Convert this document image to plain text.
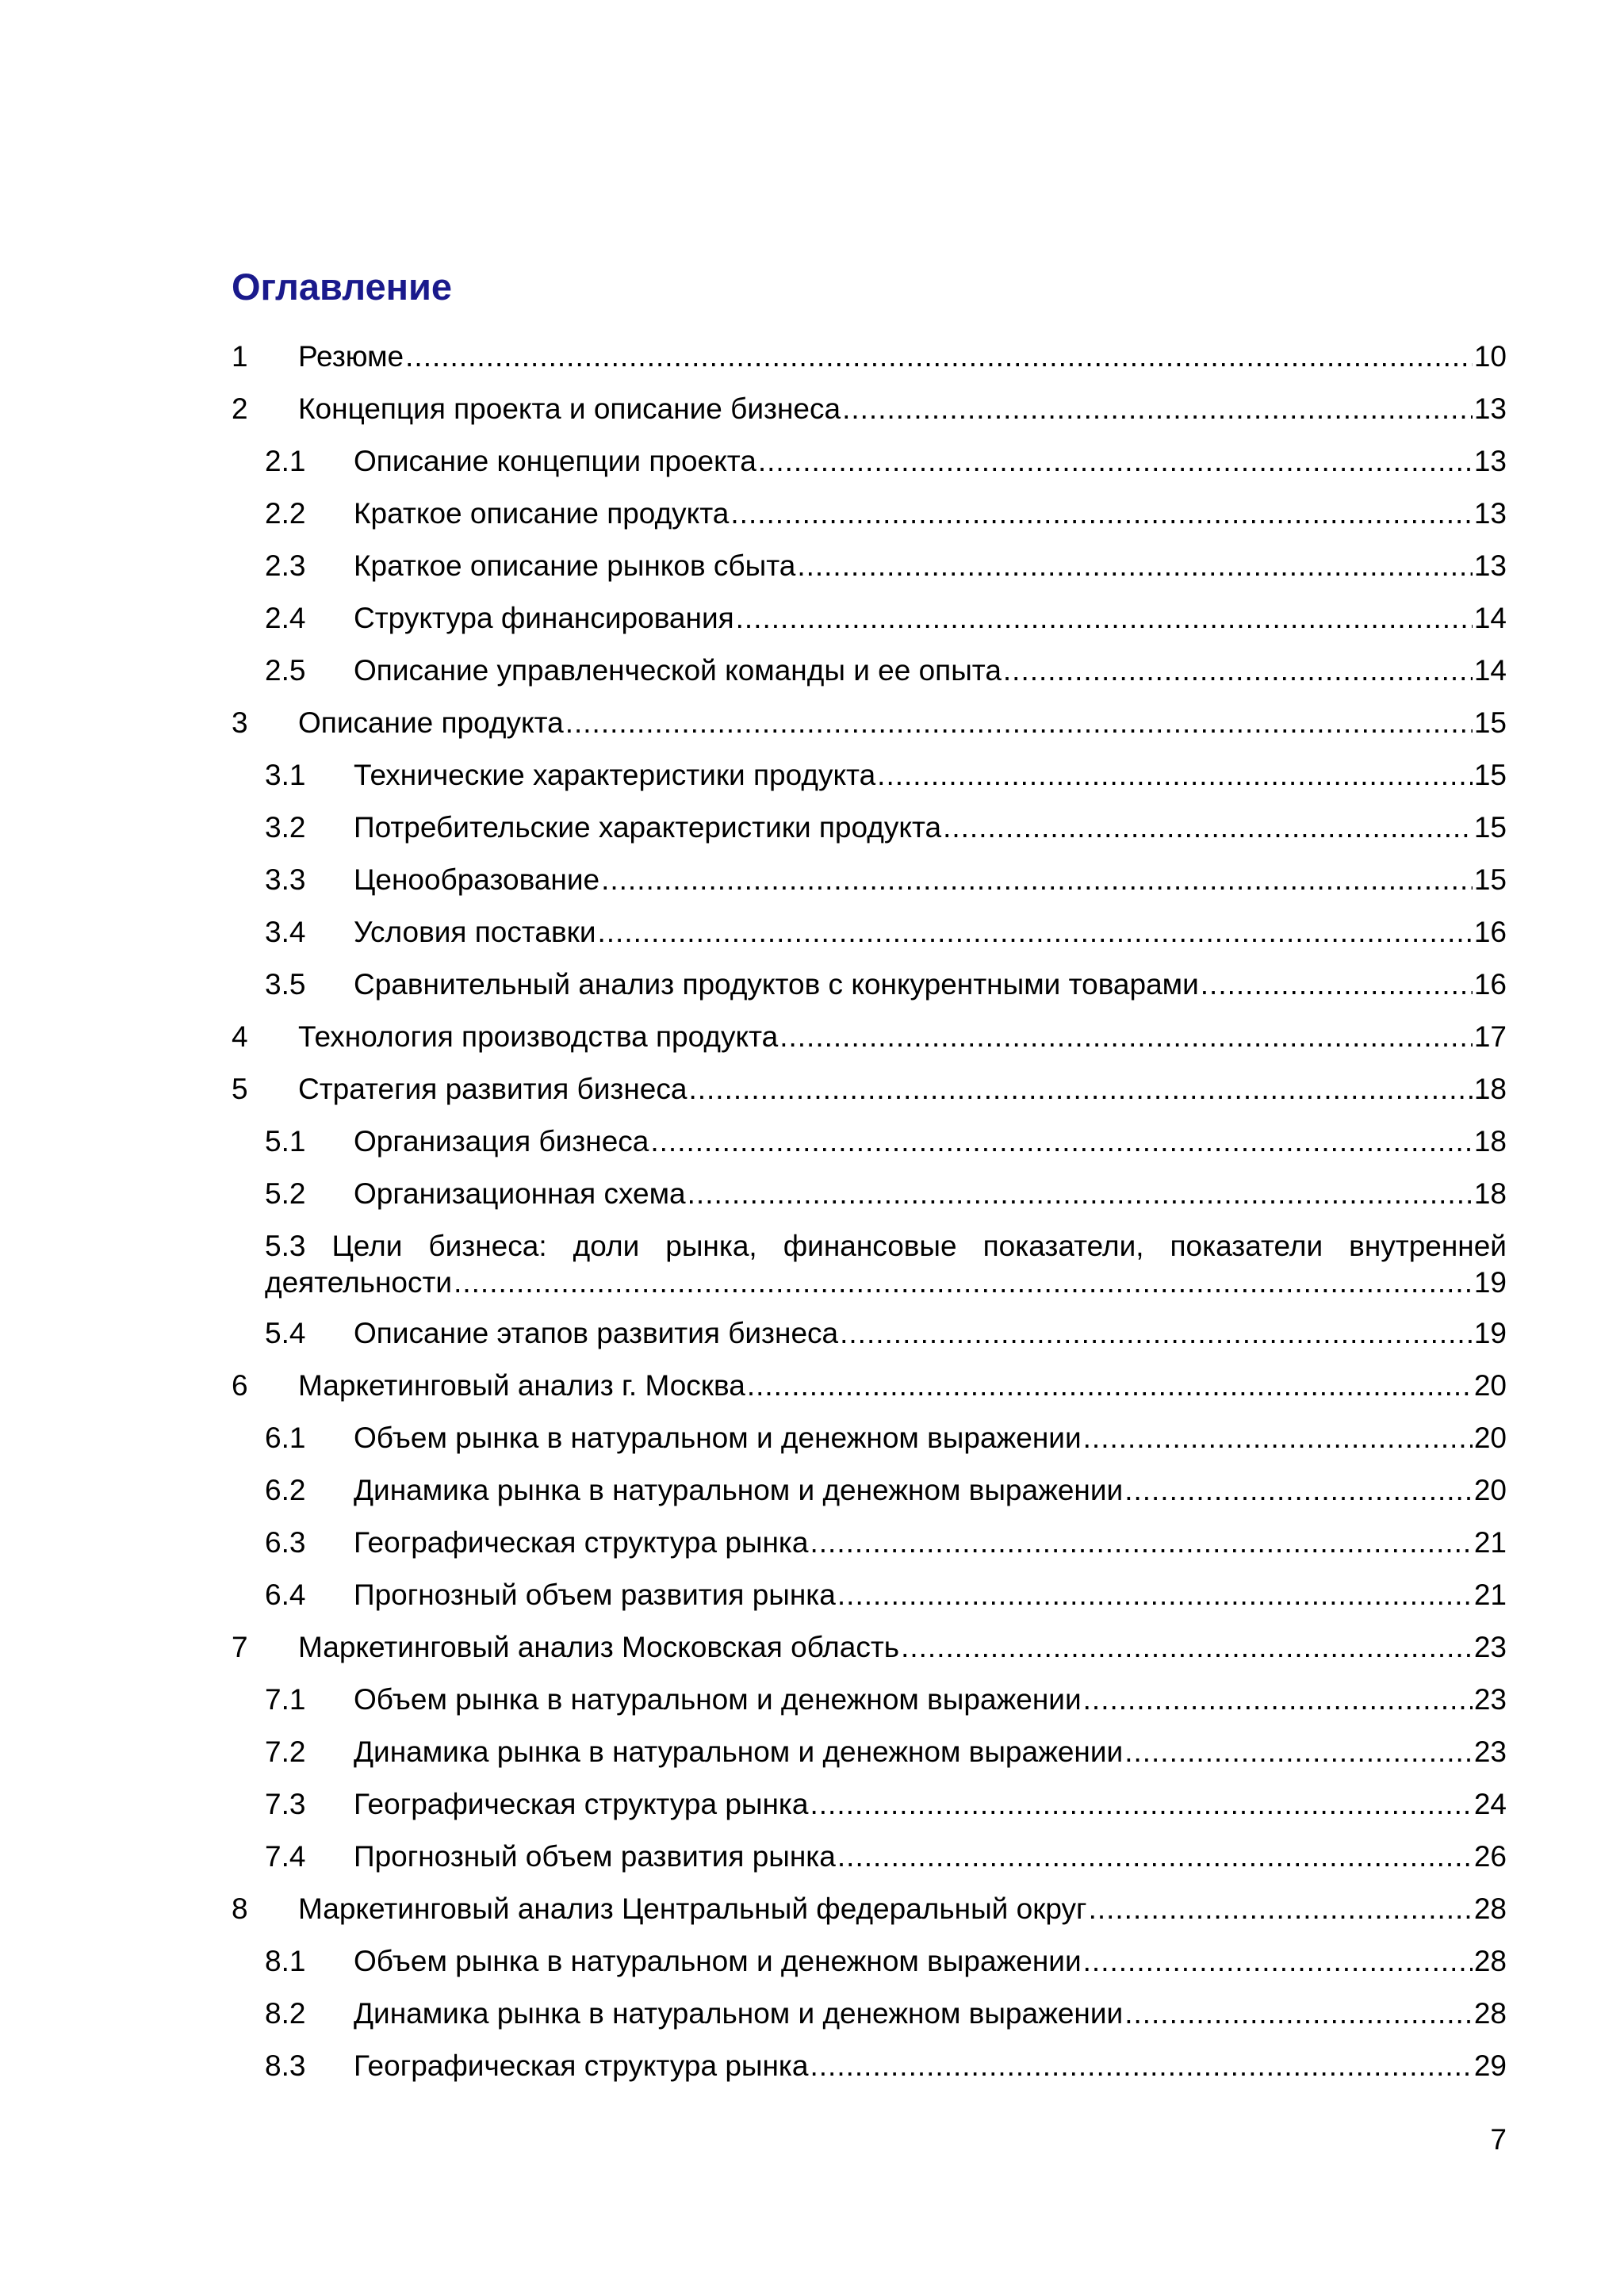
Оглавление
1 Резюме .....	10
2 Концепция проекта и описание бизнеса .....	13
2.1 Описание концепции проекта .....	13
2.2 Краткое описание продукта .....	13
2.3 Краткое описание рынков сбыта .....	13
2.4 Структура финансирования .....	14
2.5 Описание управленческой команды и ее опыта .....	14
3 Описание продукта .....	15
3.1 Технические характеристики продукта .....	15
3.2 Потребительские характеристики продукта .....	15
3.3 Ценообразование .....	15
3.4 Условия поставки .....	16
3.5 Сравнительный анализ продуктов с конкурентными товарами .....	16
4 Технология производства продукта .....	17
5 Стратегия развития бизнеса .....	18
5.1 Организация бизнеса .....	18
5.2 Организационная схема .....	18
5.3 Цели бизнеса: доли рынка, финансовые показатели, показатели внутренней
деятельности .....	19
5.4 Описание этапов развития бизнеса .....	19
6 Маркетинговый анализ г. Москва .....	20
6.1 Объем рынка в натуральном и денежном выражении .....	20
6.2 Динамика рынка в натуральном и денежном выражении .....	20
6.3 Географическая структура рынка .....	21
6.4 Прогнозный объем развития рынка .....	21
7 Маркетинговый анализ Московская область .....	23
7.1 Объем рынка в натуральном и денежном выражении .....	23
7.2 Динамика рынка в натуральном и денежном выражении .....	23
7.3 Географическая структура рынка .....	24
7.4 Прогнозный объем развития рынка .....	26
8 Маркетинговый анализ Центральный федеральный округ .....	28
8.1 Объем рынка в натуральном и денежном выражении .....	28
8.2 Динамика рынка в натуральном и денежном выражении .....	28
8.3 Географическая структура рынка .....	29
7
